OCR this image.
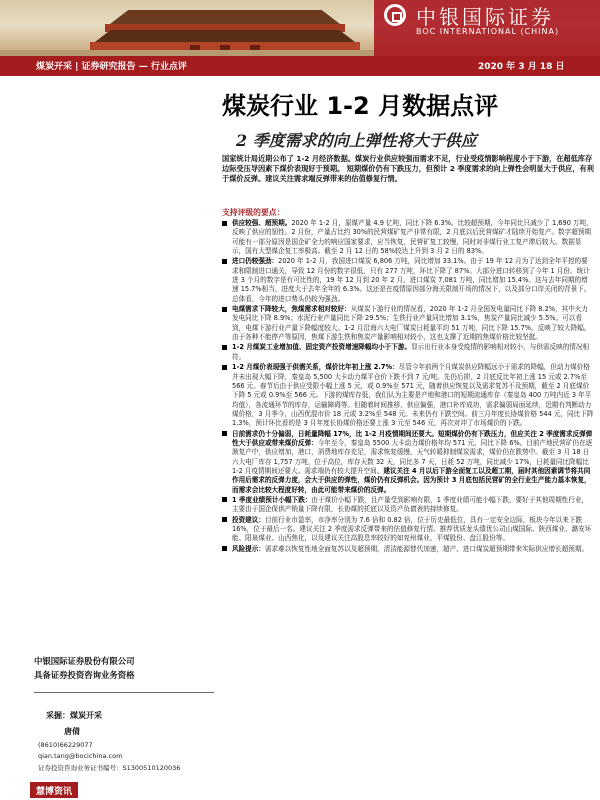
中银国际证券
BOC INTERNATIONAL (CHINA)
煤炭开采 | 证券研究报告 — 行业点评	2020 年 3 月 18 日
煤炭行业 1-2 月数据点评
2 季度需求的向上弹性将大于供应
国家统计局近期公布了 1-2 月经济数据。煤炭行业供应较强而需求不足，行业受疫情影响程度小于下游，在超低库存边际受压导因素下煤价表现好于预期。 短期煤价仍有下跌压力，但预计 2 季度需求的向上弹性会明显大于供应，有利于煤价反弹。建议关注需求端反弹带来的估值修复行情。
支持评级的要点：
供应较强、超预期。2020 年 1-2 月，原煤产量 4.9 亿吨，同比下降 6.3%。比较超预期，今年同比只减少了 1,690 万吨，反映了供应的韧性。2 月份，产量占比约 30%的民营煤矿复产非常有限，2 月底以后民营煤矿才陆续开始复产。数字超预期可能有一部分原因是国企矿全力的响应国家要求，应当恢复，民营矿复工较慢，同时对非煤行业工复产滞后较大。数据显示，国有大型煤企复工率极高。截至 2 月 12 日的 58%较达上升到 3 月 2 日的 83%。
进口仍较强劲：2020 年 1-2 月，我国进口煤炭 6,806 万吨，同比增加 33.1%。由于 19 年 12 月为了达到全年平控的要求和限制进口通关，导致 12 月份的数字很低，只有 277 万吨，环比下降了 87%。大部分进口转移到了今年 1 月份。统计进 3 个月的数字是有可比性的，19 年 12 月到 20 年 2 月，进口煤炭 7,081 万吨，同比增加 15.4%。这与去年同期的增速 15.7%相当，进度大于去年全年的 6.3%。这还是在疫情原因部分海关限制开场的情况下，以及部分口岸关闭的背景下。总体看，今年的进口势头仍较为强劲。
电煤需求下降较大，焦煤需求相对较好：从煤炭下游行业的情况看，2020 年 1-2 月全国发电量同比下降 8.2%，其中火力发电同比下降 8.9%；水泥行业产量同比下降 29.5%；生铁行业产量同比增加 3.1%，焦炭产量同比减少 5.5%。可以看到，电煤下游行业产量下降幅度较大。1-2 月沿海六大电厂煤炭日耗量平均 51 万吨，同比下降 15.7%，反映了较大降幅。由于各种不能停产等原因，焦煤下游生铁和焦炭产量影响相对较小，这也支撑了近期的焦煤价格比较坚挺。
1-2 月煤炭工业增加值、固定资产投资增速降幅均小于下游。显示出行业本身受疫情的影响相对较小，与供需反映的情况相符。
1-2 月煤价表现强于供需关系，煤价比年初上涨 2.7%：尽管今年前两个月煤炭供应降幅远小于需求的降幅，但动力煤价格并未出现大幅下降，秦皇岛 5,500 大卡动力煤平仓价下跌不到 7 元/吨。先仍后抑，2 月底反比年初上涨 15 元或 2.7%至 566 元。春节后由于供应受限小幅上涨 5 元，或 0.9%至 571 元，随着供应恢复以及需求复苏不及预期，截至 2 月底煤价下降 5 元或 0.9%至 566 元。下游的煤库存低，我们认为主要是产地和港口的短期流通库存（秦皇岛 400 万吨内近 3 年平均值），各流通环节的库存，运输障碍等。但随着时间推移，供应偏强，港口补库成功，需求偏弱局面延续，近期有判断动力煤价格，3 月季今，山西优混市价 18 元或 3.2%至 548 元。未来仍有下跌空间。前三月年度长协煤价格 544 元，同比下降 1.3%，预计环比看的是 3 月年度长协煤价格还要上涨 3 元至 546 元，再次对冲了市场煤价的下跌。
日前需求仍十分偏弱，日耗量降幅 17%，比 1-2 月疫情期间还要大。短期煤价仍有下跌压力，但应关注 2 季度需求反弹弹性大于供应或带来煤价反弹：今年至今，秦皇岛 5500 大卡动力煤价格年均 571 元，同比下降 6%。目前产地民营矿仍在逐渐复产中，供应增加，港口，消费地库存充足，需求恢复缓慢，天气转暖抑制煤炭需求，煤价仍在跌势中。截至 3 月 18 日六大电厂库存 1,757 万吨，位于高位，库存天数 32 天，同比多 7 天，日耗 52 万吨，同比减少 17%，日耗量同比降幅比 1-2 月疫情期间还要大。需求端仍有较大提升空间。建议关注 4 月以后下游全面复工以及超工期，届时其他因素调节将共同作用后需求的反弹力度，会大于供应的弹性，煤价仍有反弹机会。因为预计 3 月底包括民营矿的全行业生产能力基本恢复，而需求会比较大程度好转，由此可能带来煤价的反弹。
1 季度业绩预计小幅下跌：由于煤价小幅下跌，且产量受到影响有限，1 季度业绩可能小幅下跌，要好于其他周期性行业，主要由于国企保供产销量下降有限，长协煤的托底以及资产负债表的持续修复。
投资建议：目前行业市盈率，市净率分别为 7.6 倍和 0.82 倍，位于历史最低位，具有一定安全边际，板块今年以来下跌 16%，位于最后一名。建议关注 2 季度需求反弹带来的估值修复行情。推荐优质龙头绩优公司山煤国际、陕西煤业、潞安环能、阳泉煤业、山西焦化，以及建议关注高股息率较好的如兖州煤业、平煤股份、盘江股份等。
风险提示：需求难以恢复性地全面复苏以及超预期，清洁能源替代加速，超产、进口煤炭超预期带来实际供应增长超预期。
中银国际证券股份有限公司
具备证券投资咨询业务资格
采掘：煤炭开采
唐倩
(8610)66229077
qian.tang@bocichina.com
证券投资咨询业务证书编号：S1300510120036
慧博资讯
